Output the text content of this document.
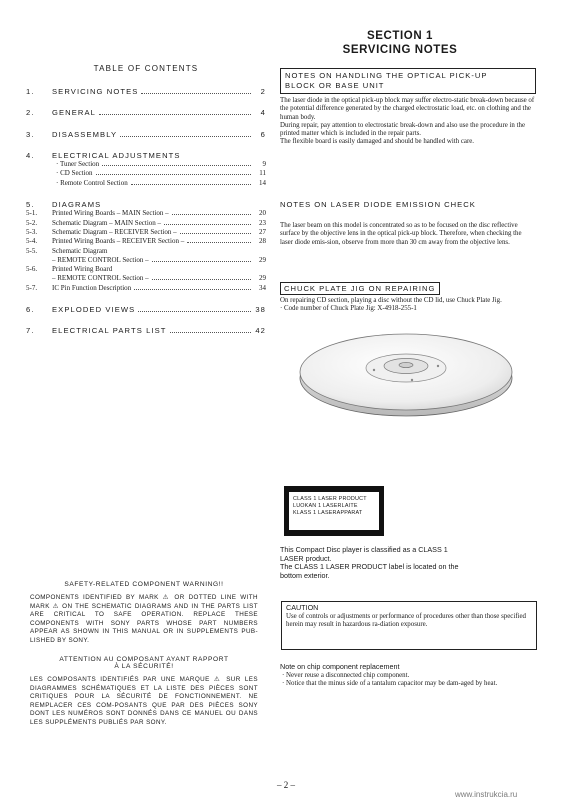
SECTION 1
SERVICING NOTES
TABLE OF CONTENTS
1.	SERVICING NOTES	2
2.	GENERAL	4
3.	DISASSEMBLY	6
4.	ELECTRICAL ADJUSTMENTS
· Tuner Section	9
· CD Section	11
· Remote Control Section	14
5.	DIAGRAMS
5-1.	Printed Wiring Boards – MAIN Section –	20
5-2.	Schematic Diagram – MAIN Section –	23
5-3.	Schematic Diagram – RECEIVER Section –	27
5-4.	Printed Wiring Boards – RECEIVER Section –	28
5-5.	Schematic Diagram
– REMOTE CONTROL Section –	29
5-6.	Printed Wiring Board
– REMOTE CONTROL Section –	29
5-7.	IC Pin Function Description	34
6.	EXPLODED VIEWS	38
7.	ELECTRICAL PARTS LIST	42
NOTES ON HANDLING THE OPTICAL PICK-UP
BLOCK OR BASE UNIT
The laser diode in the optical pick-up block may suffer electro-static break-down because of the potential difference generated by the charged electrostatic load, etc. on clothing and the human body.
During repair, pay attention to electrostatic break-down and also use the procedure in the printed matter which is included in the repair parts.
The flexible board is easily damaged and should be handled with care.
NOTES ON LASER DIODE EMISSION CHECK
The laser beam on this model is concentrated so as to be focused on the disc reflective surface by the objective lens in the optical pick-up block. Therefore, when checking the laser diode emis-sion, observe from more than 30 cm away from the objective lens.
CHUCK PLATE JIG ON REPAIRING
On repairing CD section, playing a disc without the CD lid, use Chuck Plate Jig.
· Code number of Chuck Plate Jig: X-4918-255-1
CLASS 1 LASER PRODUCT
LUOKAN 1 LASERLAITE
KLASS 1 LASERAPPARAT
This Compact Disc player is classified as a CLASS 1
LASER product.
The CLASS 1 LASER PRODUCT label is located on the
bottom exterior.
CAUTION
Use of controls or adjustments or performance of procedures other than those specified herein may result in hazardous ra-diation exposure.
Note on chip component replacement
· Never reuse a disconnected chip component.
· Notice that the minus side of a tantalum capacitor may be dam-aged by heat.
SAFETY-RELATED COMPONENT WARNING!!
COMPONENTS IDENTIFIED BY MARK ⚠ OR DOTTED LINE WITH MARK ⚠ ON THE SCHEMATIC DIAGRAMS AND IN THE PARTS LIST ARE CRITICAL TO SAFE OPERATION. REPLACE THESE COMPONENTS WITH SONY PARTS WHOSE PART NUMBERS APPEAR AS SHOWN IN THIS MANUAL OR IN SUPPLEMENTS PUB-LISHED BY SONY.
ATTENTION AU COMPOSANT AYANT RAPPORT
À LA SÉCURITÉ!
LES COMPOSANTS IDENTIFIÉS PAR UNE MARQUE ⚠ SUR LES DIAGRAMMES SCHÉMATIQUES ET LA LISTE DES PIÈCES SONT CRITIQUES POUR LA SÉCURITÉ DE FONCTIONNEMENT. NE REMPLACER CES COM-POSANTS QUE PAR DES PIÈCES SONY DONT LES NUMÉROS SONT DONNÉS DANS CE MANUEL OU DANS LES SUPPLÉMENTS PUBLIÉS PAR SONY.
– 2 –
www.instrukcia.ru
